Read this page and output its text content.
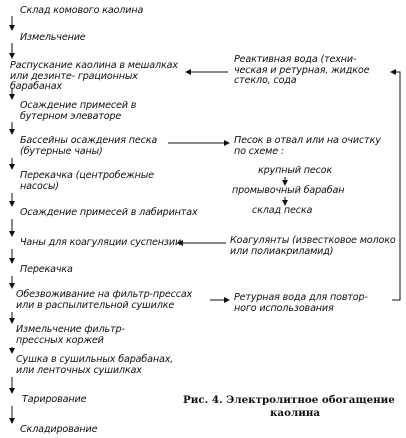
Склад комового каолина
Измельчение
Распускание каолина в мешалках или дезинте- грационных барабанах
Осаждение примесей в бутерном элеваторе
Бассейны осаждения песка (бутерные чаны)
Перекачка (центробежные насосы)
Осаждение примесей в лабиринтах
Чаны для коагуляции суспензии
Перекачка
Обезвоживание на фильтр-прессах или в распылительной сушилке
Измельчение фильтр-прессных коржей
Сушка в сушильных барабанах, или ленточных сушилках
Тарирование
Складирование
Реактивная вода (техни- ческая и ретурная, жидкое стекло, сода
Песок в отвал или на очистку по схеме :
крупный песок
промывочный барабан
склад песка
Коагулянты (известковое молоко или полиакриламид)
Ретурная вода для повтор- ного использования
Рис. 4. Электролитное обогащение
каолина
